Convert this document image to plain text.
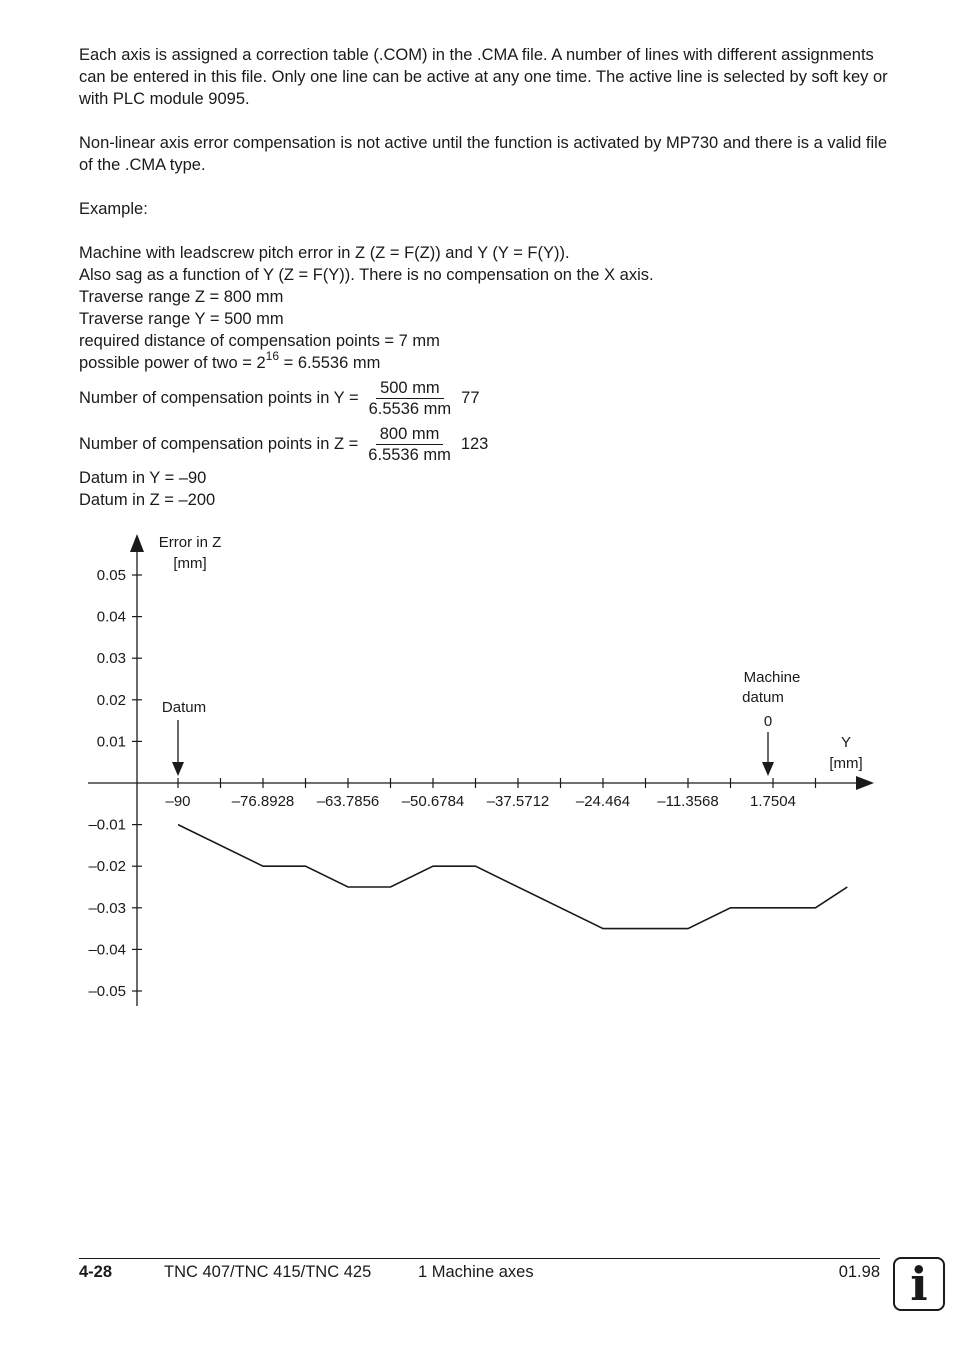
Each axis is assigned a correction table (.COM) in the .CMA file. A number of lines with different assignments can be entered in this file. Only one line can be active at any one time. The active line is selected by soft key or with PLC module 9095.

Non-linear axis error compensation is not active until the function is activated by MP730 and there is a valid file of the .CMA type.

Example:

Machine with leadscrew pitch error in Z (Z = F(Z)) and Y (Y = F(Y)).

Also sag as a function of Y (Z = F(Y)). There is no compensation on the X axis.

Traverse range Z = 800 mm

Traverse range Y = 500 mm

required distance of compensation points = 7 mm

possible power of two = $2^{16} = 6.5536$ mm

Number of compensation points in $Y = \frac{500 mm}{6.5536 mm} 77$
Number of compensation points in $Z = \frac{800 mm}{6.5536 mm} 123$

Datum in Y = –90

Datum in Z = –200

Error in Z
[mm]
Y
[mm]
Datum
Machine
datum
0
0.05
0.04
0.03
0.02
0.01
–0.01
–0.02
–0.03
–0.04
–0.05
–90	–76.8928 –63.7856 –50.6784 –37.5712 –24.464 –11.3568 1.7504
4-28	TNC 407/TNC 415/TNC 425	1 Machine axes	01.98 i
